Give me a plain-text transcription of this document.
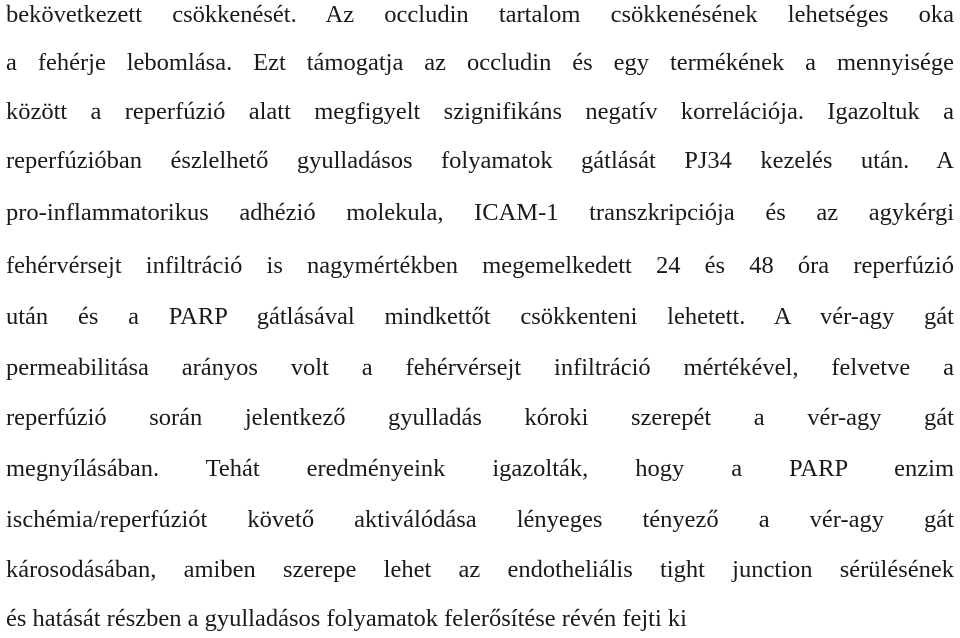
bekövetkezett csökkenését. Az occludin tartalom csökkenésének lehetséges oka
a fehérje lebomlása. Ezt támogatja az occludin és egy termékének a mennyisége
között a reperfúzió alatt megfigyelt szignifikáns negatív korrelációja. Igazoltuk a
reperfúzióban észlelhető gyulladásos folyamatok gátlását PJ34 kezelés után. A
pro-inflammatorikus adhézió molekula, ICAM-1 transzkripciója és az agykérgi
fehérvérsejt infiltráció is nagymértékben megemelkedett 24 és 48 óra reperfúzió
után és a PARP gátlásával mindkettőt csökkenteni lehetett. A vér-agy gát
permeabilitása arányos volt a fehérvérsejt infiltráció mértékével, felvetve a
reperfúzió során jelentkező gyulladás kóroki szerepét a vér-agy gát
megnyílásában. Tehát eredményeink igazolták, hogy a PARP enzim
ischémia/reperfúziót követő aktiválódása lényeges tényező a vér-agy gát
károsodásában, amiben szerepe lehet az endotheliális tight junction sérülésének
és hatását részben a gyulladásos folyamatok felerősítése révén fejti ki
